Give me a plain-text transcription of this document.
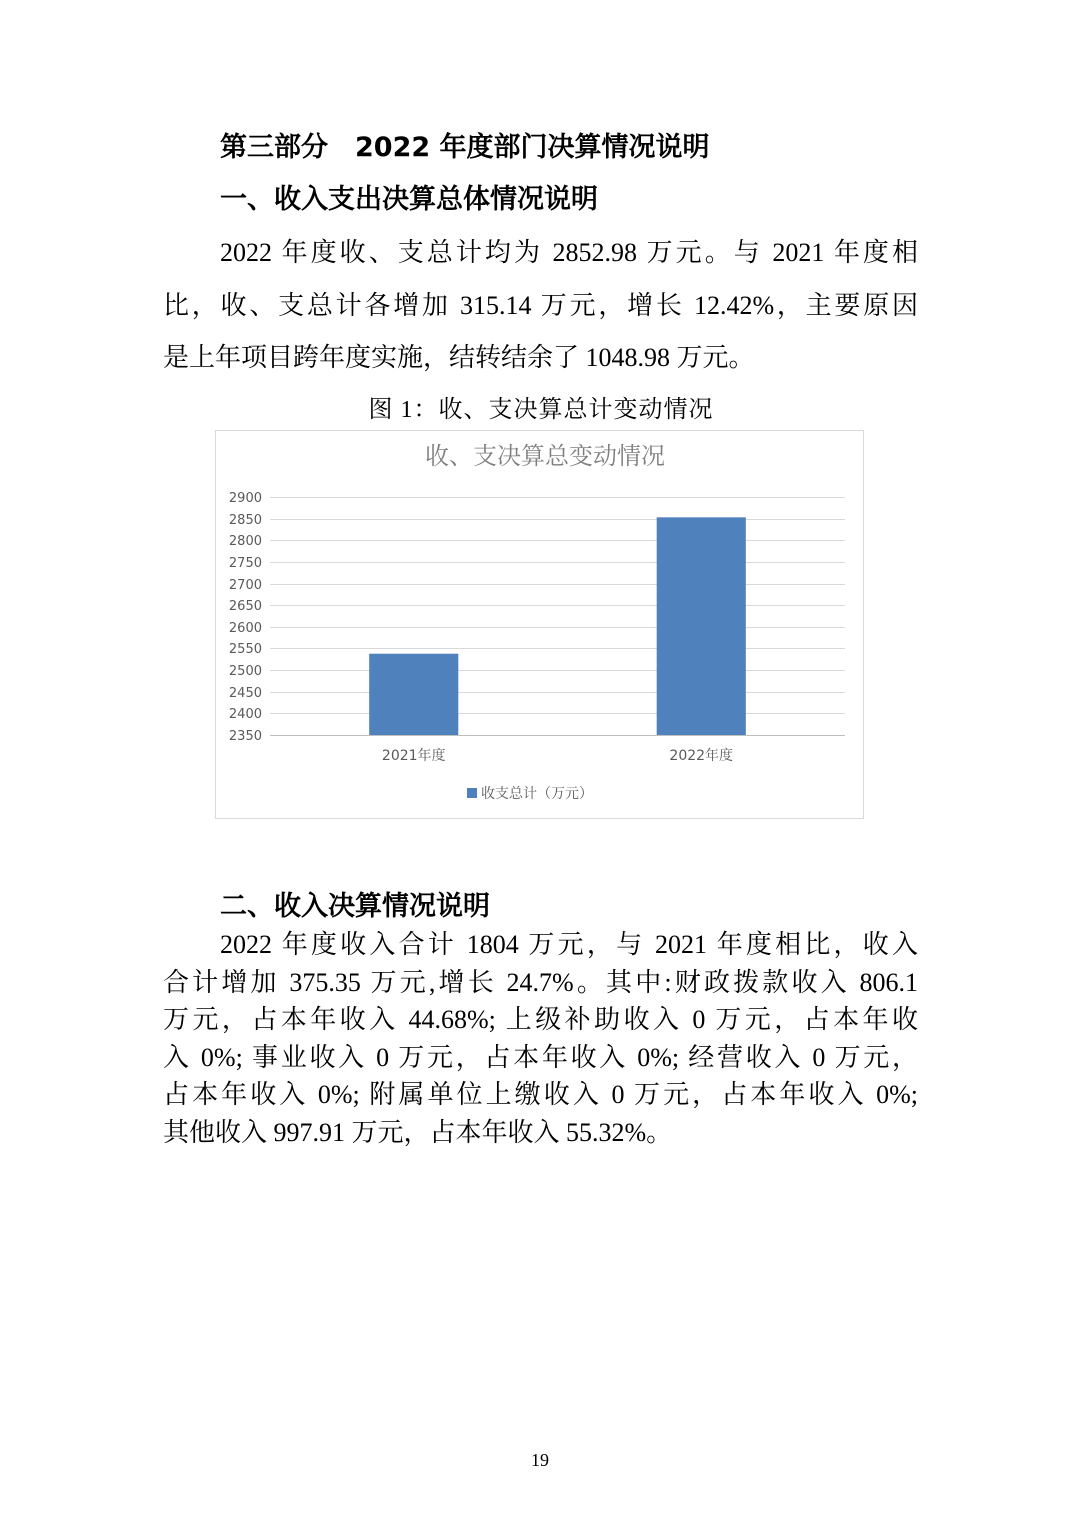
第三部分　2022 年度部门决算情况说明
一、收入支出决算总体情况说明
2022 年度收、支总计均为 2852.98 万元。与 2021 年度相
比，收、支总计各增加 315.14 万元，增长 12.42%，主要原因
是上年项目跨年度实施，结转结余了 1048.98 万元。
图 1：收、支决算总计变动情况
收、支决算总变动情况
2350
2400
2450
2500
2550
2600
2650
2700
2750
2800
2850
2900
2021年度	2022年度
收支总计（万元）
二、收入决算情况说明
2022 年度收入合计 1804 万元，与 2021 年度相比，收入
合计增加 375.35 万元,增长 24.7%。其中:财政拨款收入 806.1
万元，占本年收入 44.68%; 上级补助收入 0 万元，占本年收
入 0%; 事业收入 0 万元，占本年收入 0%; 经营收入 0 万元，
占本年收入 0%; 附属单位上缴收入 0 万元，占本年收入 0%;
其他收入 997.91 万元，占本年收入 55.32%。
19
